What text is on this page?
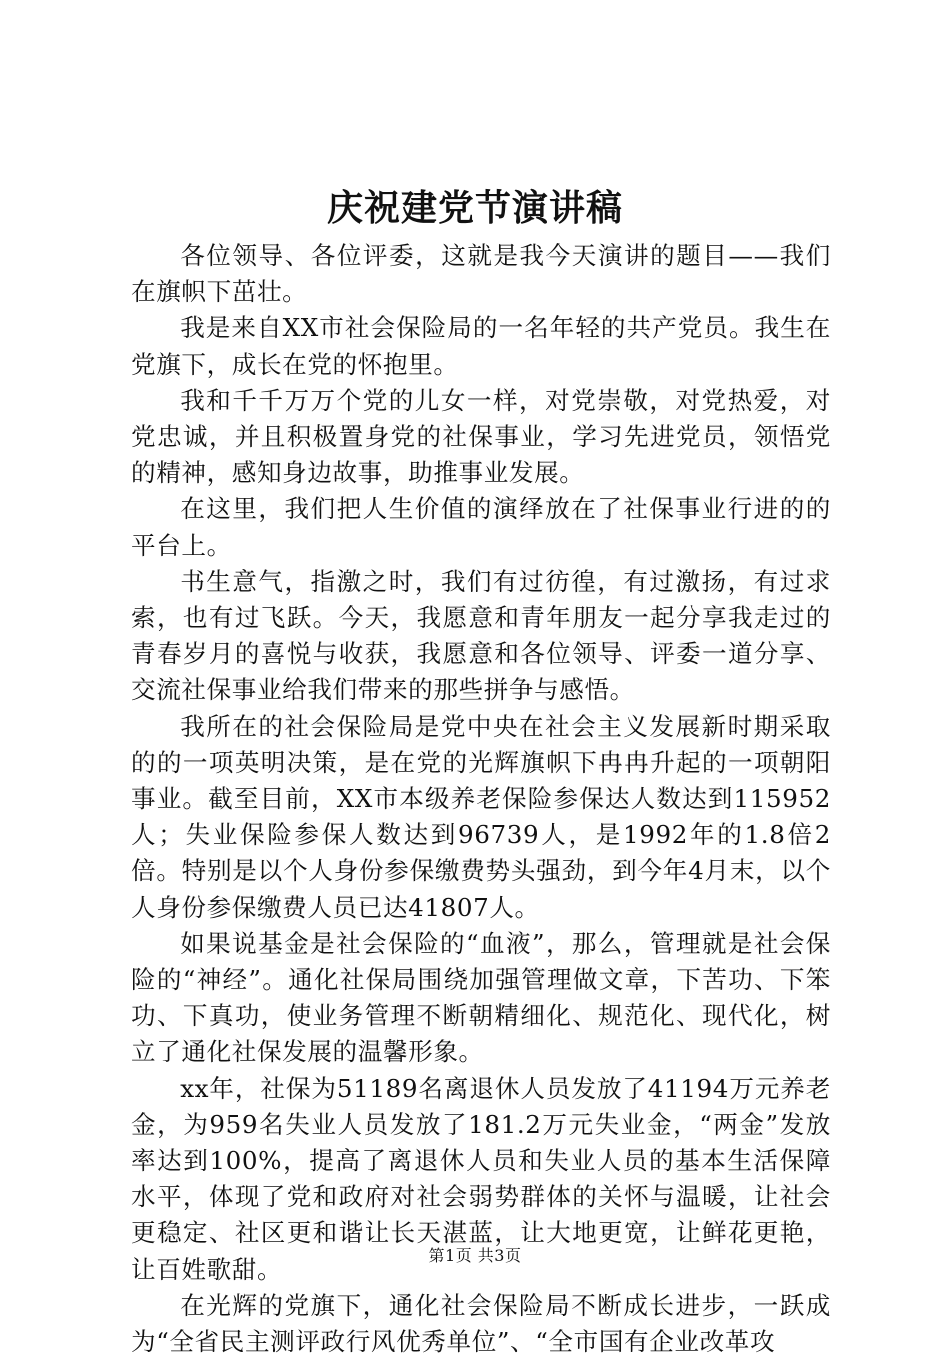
庆祝建党节演讲稿

各位领导、各位评委，这就是我今天演讲的题目——我们在旗帜下茁壮。

我是来自XX市社会保险局的一名年轻的共产党员。我生在党旗下，成长在党的怀抱里。

我和千千万万个党的儿女一样，对党崇敬，对党热爱，对党忠诚，并且积极置身党的社保事业，学习先进党员，领悟党的精神，感知身边故事，助推事业发展。

在这里，我们把人生价值的演绎放在了社保事业行进的的平台上。

书生意气，指激之时，我们有过彷徨，有过激扬，有过求索，也有过飞跃。今天，我愿意和青年朋友一起分享我走过的青春岁月的喜悦与收获，我愿意和各位领导、评委一道分享、交流社保事业给我们带来的那些拼争与感悟。

我所在的社会保险局是党中央在社会主义发展新时期采取的的一项英明决策，是在党的光辉旗帜下冉冉升起的一项朝阳事业。截至目前，XX市本级养老保险参保达人数达到115952人；失业保险参保人数达到96739人，是1992年的1.8倍2倍。特别是以个人身份参保缴费势头强劲，到今年4月末，以个人身份参保缴费人员已达41807人。

如果说基金是社会保险的“血液”，那么，管理就是社会保险的“神经”。通化社保局围绕加强管理做文章，下苦功、下笨功、下真功，使业务管理不断朝精细化、规范化、现代化，树立了通化社保发展的温馨形象。

xx年，社保为51189名离退休人员发放了41194万元养老金，为959名失业人员发放了181.2万元失业金，“两金”发放率达到100%，提高了离退休人员和失业人员的基本生活保障水平，体现了党和政府对社会弱势群体的关怀与温暖，让社会更稳定、社区更和谐让长天湛蓝，让大地更宽，让鲜花更艳，让百姓歌甜。

在光辉的党旗下，通化社会保险局不断成长进步，一跃成为“全省民主测评政行风优秀单位”、“全市国有企业改革攻

第1页 共3页
